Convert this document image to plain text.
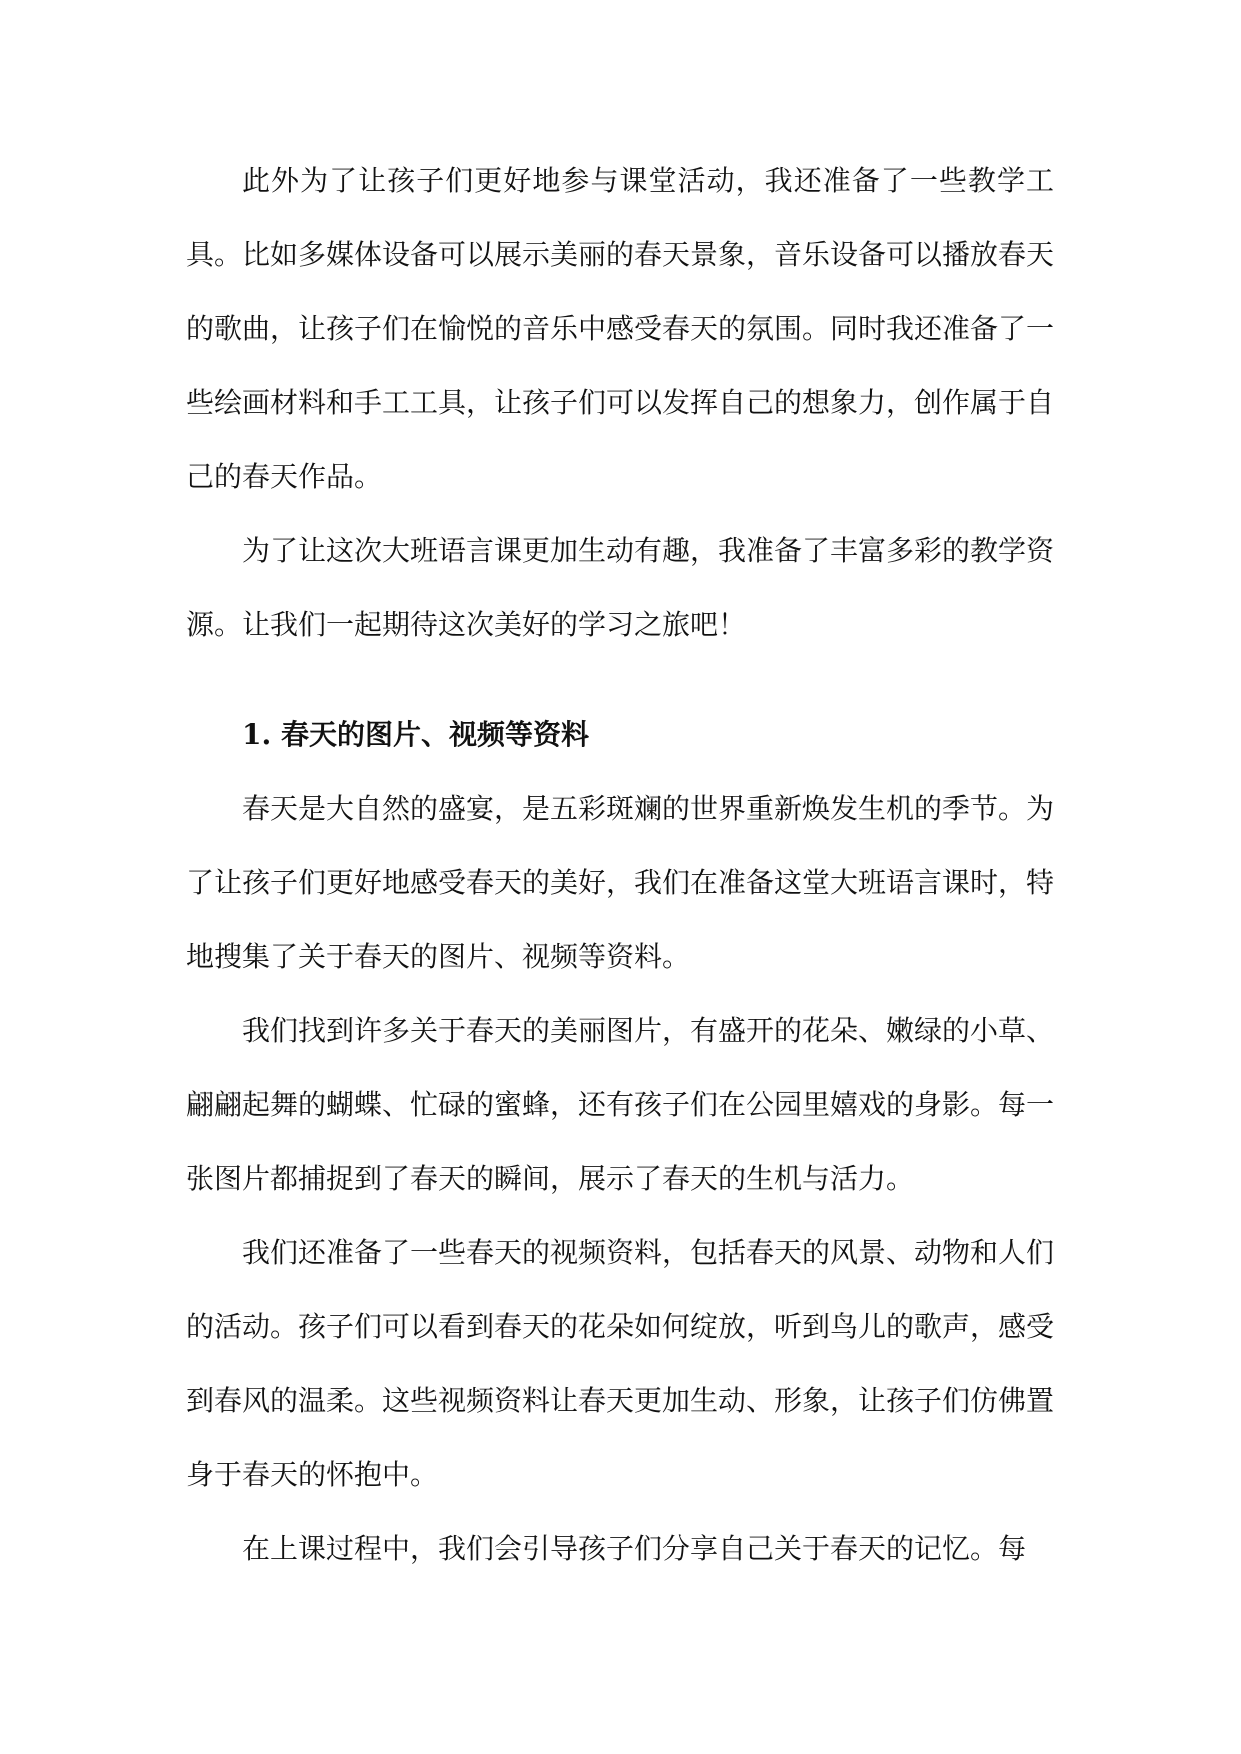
此外为了让孩子们更好地参与课堂活动，我还准备了一些教学工具。比如多媒体设备可以展示美丽的春天景象，音乐设备可以播放春天的歌曲，让孩子们在愉悦的音乐中感受春天的氛围。同时我还准备了一些绘画材料和手工工具，让孩子们可以发挥自己的想象力，创作属于自己的春天作品。

为了让这次大班语言课更加生动有趣，我准备了丰富多彩的教学资源。让我们一起期待这次美好的学习之旅吧！

1. 春天的图片、视频等资料

春天是大自然的盛宴，是五彩斑斓的世界重新焕发生机的季节。为了让孩子们更好地感受春天的美好，我们在准备这堂大班语言课时，特地搜集了关于春天的图片、视频等资料。

我们找到许多关于春天的美丽图片，有盛开的花朵、嫩绿的小草、翩翩起舞的蝴蝶、忙碌的蜜蜂，还有孩子们在公园里嬉戏的身影。每一张图片都捕捉到了春天的瞬间，展示了春天的生机与活力。

我们还准备了一些春天的视频资料，包括春天的风景、动物和人们的活动。孩子们可以看到春天的花朵如何绽放，听到鸟儿的歌声，感受到春风的温柔。这些视频资料让春天更加生动、形象，让孩子们仿佛置身于春天的怀抱中。

在上课过程中，我们会引导孩子们分享自己关于春天的记忆。每
